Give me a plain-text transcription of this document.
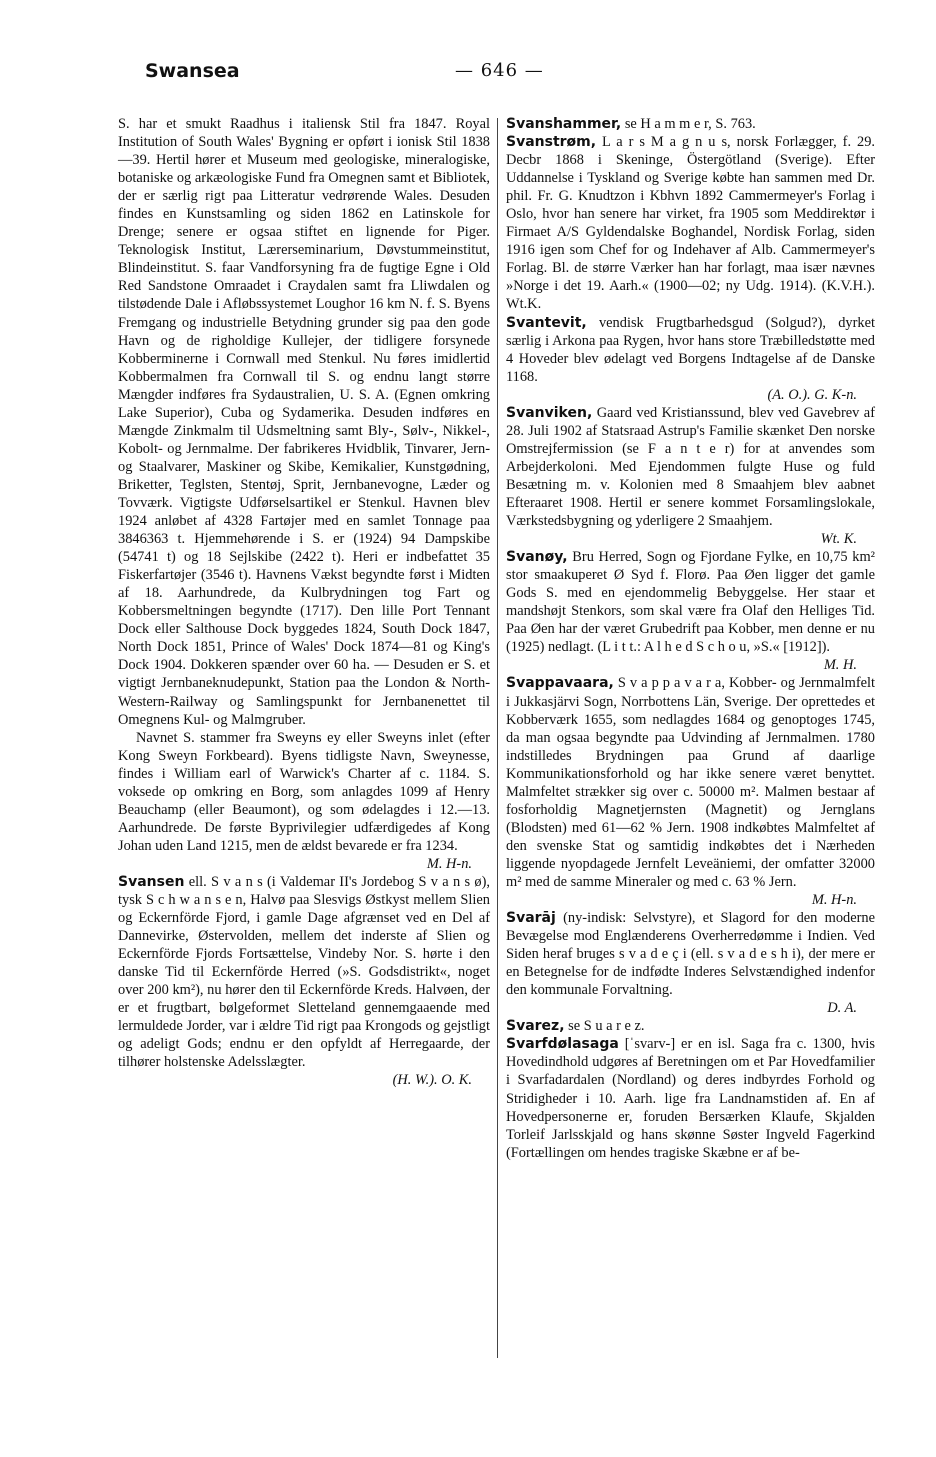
Swansea	— 646 —

S. har et smukt Raadhus i italiensk Stil fra 1847. Royal Institution of South Wales' Bygning er opført i ionisk Stil 1838—39. Hertil hører et Museum med geologiske, mineralogiske, botaniske og arkæologiske Fund fra Omegnen samt et Bibliotek, der er særlig rigt paa Litteratur vedrørende Wales. Desuden findes en Kunstsamling og siden 1862 en Latinskole for Drenge; senere er ogsaa stiftet en lignende for Piger. Teknologisk Institut, Lærerseminarium, Døvstummeinstitut, Blindeinstitut. S. faar Vandforsyning fra de fugtige Egne i Old Red Sandstone Omraadet i Craydalen samt fra Lliwdalen og tilstødende Dale i Afløbssystemet Loughor 16 km N. f. S. Byens Fremgang og industrielle Betydning grunder sig paa den gode Havn og de righoldige Kullejer, der tidligere forsynede Kobberminerne i Cornwall med Stenkul. Nu føres imidlertid Kobbermalmen fra Cornwall til S. og endnu langt større Mængder indføres fra Sydaustralien, U. S. A. (Egnen omkring Lake Superior), Cuba og Sydamerika. Desuden indføres en Mængde Zinkmalm til Udsmeltning samt Bly-, Sølv-, Nikkel-, Kobolt- og Jernmalme. Der fabrikeres Hvidblik, Tinvarer, Jern- og Staalvarer, Maskiner og Skibe, Kemikalier, Kunstgødning, Briketter, Teglsten, Stentøj, Sprit, Jernbanevogne, Læder og Tovværk. Vigtigste Udførselsartikel er Stenkul. Havnen blev 1924 anløbet af 4328 Fartøjer med en samlet Tonnage paa 3846363 t. Hjemmehørende i S. er (1924) 94 Dampskibe (54741 t) og 18 Sejlskibe (2422 t). Heri er indbefattet 35 Fiskerfartøjer (3546 t). Havnens Vækst begyndte først i Midten af 18. Aarhundrede, da Kulbrydningen tog Fart og Kobbersmeltningen begyndte (1717). Den lille Port Tennant Dock eller Salthouse Dock byggedes 1824, South Dock 1847, North Dock 1851, Prince of Wales' Dock 1874—81 og King's Dock 1904. Dokkeren spænder over 60 ha. — Desuden er S. et vigtigt Jernbaneknudepunkt, Station paa the London & North-Western-Railway og Samlingspunkt for Jernbanenettet til Omegnens Kul- og Malmgruber.

Navnet S. stammer fra Sweyns ey eller Sweyns inlet (efter Kong Sweyn Forkbeard). Byens tidligste Navn, Sweynesse, findes i William earl of Warwick's Charter af c. 1184. S. voksede op omkring en Borg, som anlagdes 1099 af Henry Beauchamp (eller Beaumont), og som ødelagdes i 12.—13. Aarhundrede. De første Byprivilegier udfærdigedes af Kong Johan uden Land 1215, men de ældst bevarede er fra 1234.
M. H-n.

Svansen ell. S v a n s (i Valdemar II's Jordebog S v a n s ø), tysk S c h w a n s e n, Halvø paa Slesvigs Østkyst mellem Slien og Eckernförde Fjord, i gamle Dage afgrænset ved en Del af Dannevirke, Østervolden, mellem det inderste af Slien og Eckernförde Fjords Fortsættelse, Vindeby Nor. S. hørte i den danske Tid til Eckernförde Herred (»S. Godsdistrikt«, noget over 200 km²), nu hører den til Eckernförde Kreds. Halvøen, der er et frugtbart, bølgeformet Sletteland gennemgaaende med lermuldede Jorder, var i ældre Tid rigt paa Krongods og gejstligt og adeligt Gods; endnu er den opfyldt af Herregaarde, der tilhører holstenske Adelsslægter.
(H. W.). O. K.

Svanshammer, se H a m m e r, S. 763.

Svanstrøm, L a r s M a g n u s, norsk Forlægger, f. 29. Decbr 1868 i Skeninge, Östergötland (Sverige). Efter Uddannelse i Tyskland og Sverige købte han sammen med Dr. phil. Fr. G. Knudtzon i Kbhvn 1892 Cammermeyer's Forlag i Oslo, hvor han senere har virket, fra 1905 som Meddirektør i Firmaet A/S Gyldendalske Boghandel, Nordisk Forlag, siden 1916 igen som Chef for og Indehaver af Alb. Cammermeyer's Forlag. Bl. de større Værker han har forlagt, maa især nævnes »Norge i det 19. Aarh.« (1900—02; ny Udg. 1914). (K.V.H.). Wt.K.

Svantevit, vendisk Frugtbarhedsgud (Solgud?), dyrket særlig i Arkona paa Rygen, hvor hans store Træbilledstøtte med 4 Hoveder blev ødelagt ved Borgens Indtagelse af de Danske 1168.
(A. O.). G. K-n.

Svanviken, Gaard ved Kristianssund, blev ved Gavebrev af 28. Juli 1902 af Statsraad Astrup's Familie skænket Den norske Omstrejfermission (se F a n t e r) for at anvendes som Arbejderkoloni. Med Ejendommen fulgte Huse og fuld Besætning m. v. Kolonien med 8 Smaahjem blev aabnet Efteraaret 1908. Hertil er senere kommet Forsamlingslokale, Værkstedsbygning og yderligere 2 Smaahjem.
Wt. K.

Svanøy, Bru Herred, Sogn og Fjordane Fylke, en 10,75 km² stor smaakuperet Ø Syd f. Florø. Paa Øen ligger det gamle Gods S. med en ejendommelig Bebyggelse. Her staar et mandshøjt Stenkors, som skal være fra Olaf den Helliges Tid. Paa Øen har der været Grubedrift paa Kobber, men denne er nu (1925) nedlagt. (L i t t.: A l h e d S c h o u, »S.« [1912]).
M. H.

Svappavaara, S v a p p a v a r a, Kobber- og Jernmalmfelt i Jukkasjärvi Sogn, Norrbottens Län, Sverige. Der oprettedes et Kobberværk 1655, som nedlagdes 1684 og genoptoges 1745, da man ogsaa begyndte paa Udvinding af Jernmalmen. 1780 indstilledes Brydningen paa Grund af daarlige Kommunikationsforhold og har ikke senere været benyttet. Malmfeltet strækker sig over c. 50000 m². Malmen bestaar af fosforholdig Magnetjernsten (Magnetit) og Jernglans (Blodsten) med 61—62 % Jern. 1908 indkøbtes Malmfeltet af den svenske Stat og samtidig indkøbtes det i Nærheden liggende nyopdagede Jernfelt Leveäniemi, der omfatter 32000 m² med de samme Mineraler og med c. 63 % Jern.
M. H-n.

Svarāj (ny-indisk: Selvstyre), et Slagord for den moderne Bevægelse mod Englænderens Overherredømme i Indien. Ved Siden heraf bruges s v a d e ç i (ell. s v a d e s h i), der mere er en Betegnelse for de indfødte Inderes Selvstændighed indenfor den kommunale Forvaltning.
D. A.

Svarez, se S u a r e z.

Svarfdølasaga [ˈsvarv-] er en isl. Saga fra c. 1300, hvis Hovedindhold udgøres af Beretningen om et Par Hovedfamilier i Svarfadardalen (Nordland) og deres indbyrdes Forhold og Stridigheder i 10. Aarh. lige fra Landnamstiden af. En af Hovedpersonerne er, foruden Bersærken Klaufe, Skjalden Torleif Jarlsskjald og hans skønne Søster Ingveld Fagerkind (Fortællingen om hendes tragiske Skæbne er af be-
